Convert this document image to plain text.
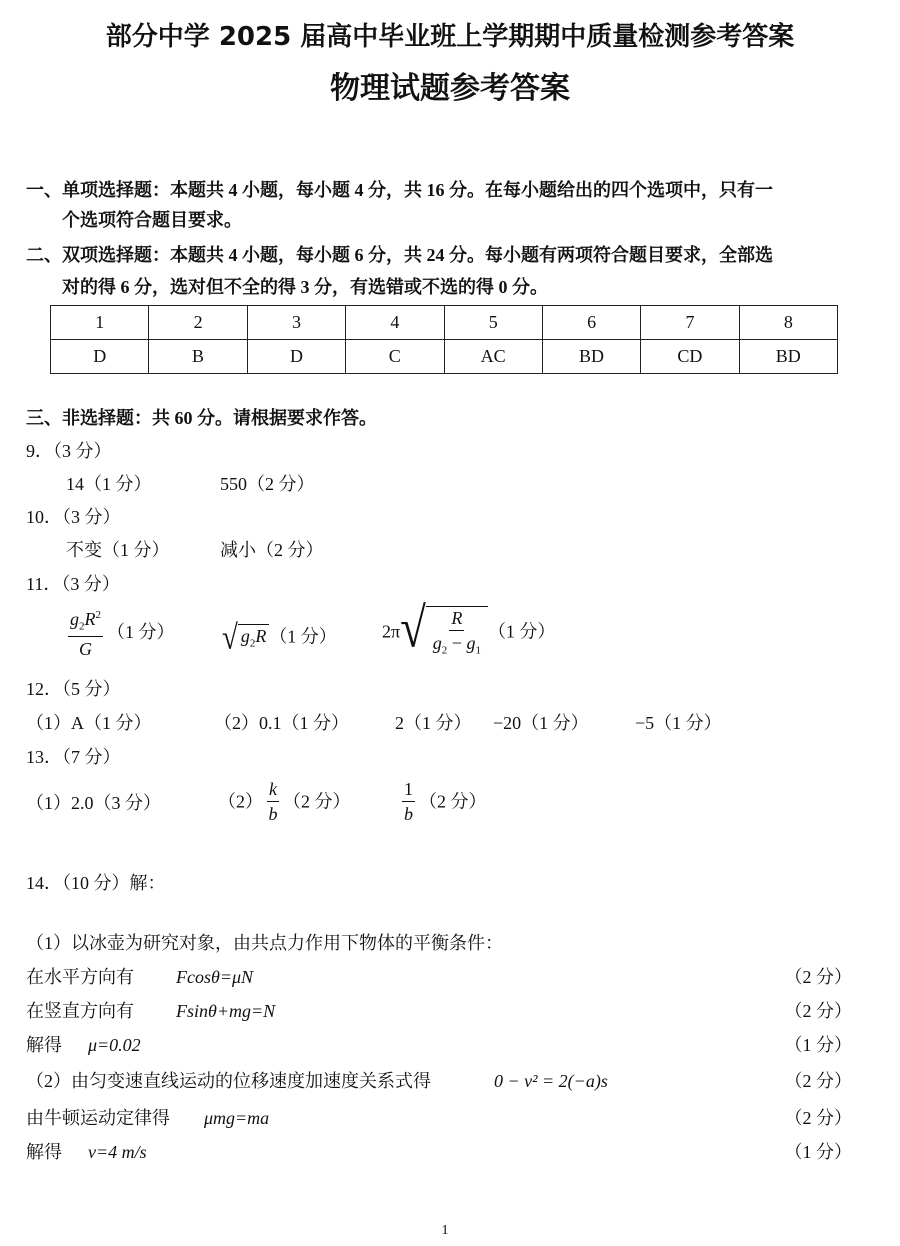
部分中学 2025 届高中毕业班上学期期中质量检测参考答案
物理试题参考答案
一、单项选择题：本题共 4 小题，每小题 4 分，共 16 分。在每小题给出的四个选项中，只有一
个选项符合题目要求。
二、双项选择题：本题共 4 小题，每小题 6 分，共 24 分。每小题有两项符合题目要求，全部选
对的得 6 分，选对但不全的得 3 分，有选错或不选的得 0 分。
1	2	3	4	5	6	7	8
D	B	D	C	AC	BD	CD	BD
三、非选择题：共 60 分。请根据要求作答。
9．（3 分）
14（1 分）	550（2 分）
10．（3 分）
不变（1 分）	减小（2 分）
11．（3 分）
$\frac{g_2R^2}{G} (1$ 分） √ $g_2R$ （1 分）	2π √ $\frac{R}{g_2 - g_1} (1$ 分）
12．（5 分）
（1）A（1 分）	（2）0.1（1 分）	2（1 分） −20（1 分）	−5（1 分）
13．（7 分）
（1）2.0（3 分）	$(2) \frac{k}{b} (2$ 分）	$\frac{1}{b} (2$ 分）
14．（10 分）解：
（1）以冰壶为研究对象，由共点力作用下物体的平衡条件：
在水平方向有 Fcosθ=μN	（2 分）
在竖直方向有 Fsinθ+mg=N	（2 分）
解得 μ=0.02	（1 分）
（2）由匀变速直线运动的位移速度加速度关系式得	0 − v² = 2(−a)s	（2 分）
由牛顿运动定律得 μmg=ma	（2 分）
解得 v=4 m/s	（1 分）
1
